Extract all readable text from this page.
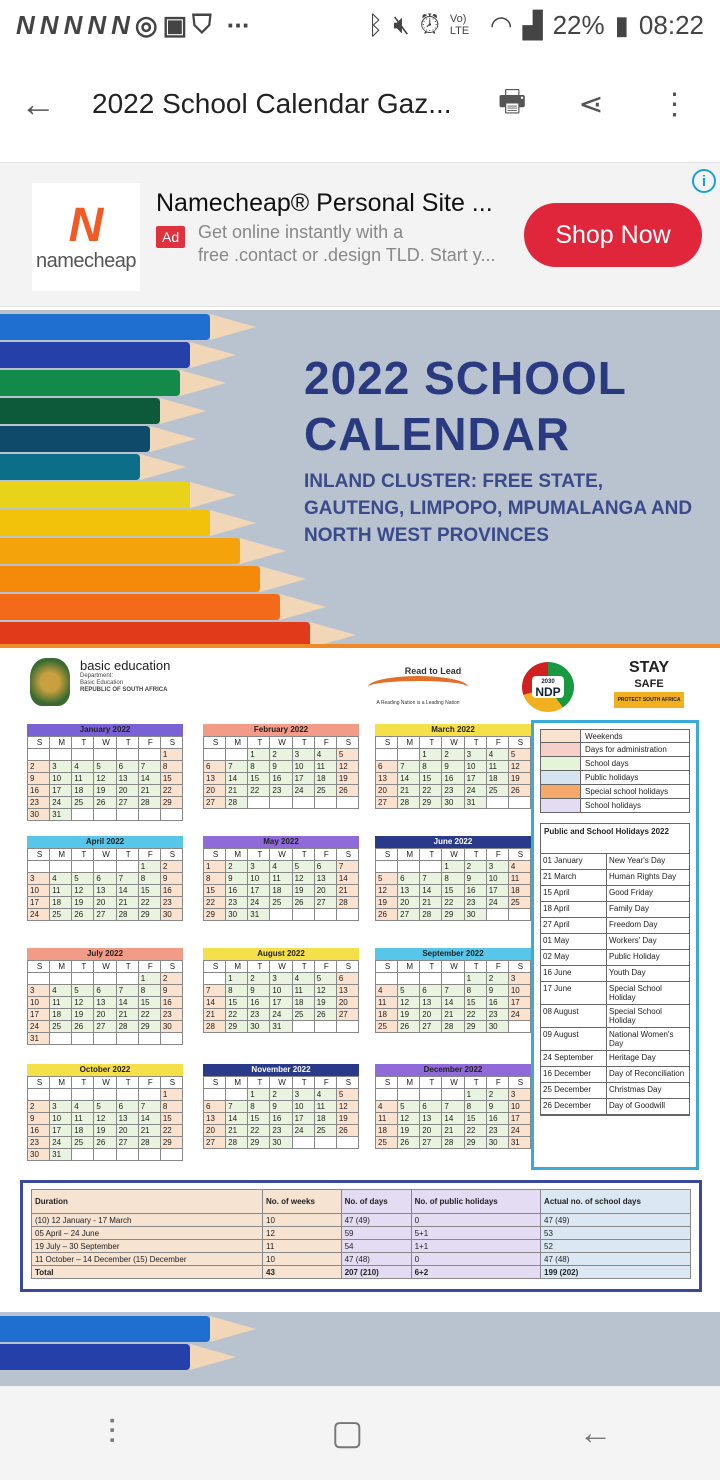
N N N N N ◎ ▣ ⛉ ···	ᛒ 🔇︎ ⏰︎ Vo) LTE ◠ ▟ 22% ▮ 08:22
← 2022 School Calendar Gaz...	🖶︎ ⋖ ⋮
N
namecheap
Namecheap® Personal Site ...
Ad	Get online instantly with a
free .contact or .design TLD. Start y...
Shop Now
i
2022 SCHOOL
CALENDAR
INLAND CLUSTER: FREE STATE, GAUTENG, LIMPOPO, MPUMALANGA AND NORTH WEST PROVINCES
basic education
Department:
Basic Education
REPUBLIC OF SOUTH AFRICA
Read to Lead
A Reading Nation is a Leading Nation
2030
NDP
STAY
SAFE
PROTECT SOUTH AFRICA
January 2022
S	M	T	W	T	F	S
						1
2	3	4	5	6	7	8
9	10	11	12	13	14	15
16	17	18	19	20	21	22
23	24	25	26	27	28	29
30	31					
February 2022
S	M	T	W	T	F	S
		1	2	3	4	5
6	7	8	9	10	11	12
13	14	15	16	17	18	19
20	21	22	23	24	25	26
27	28					
March 2022
S	M	T	W	T	F	S
		1	2	3	4	5
6	7	8	9	10	11	12
13	14	15	16	17	18	19
20	21	22	23	24	25	26
27	28	29	30	31		
April 2022
S	M	T	W	T	F	S
					1	2
3	4	5	6	7	8	9
10	11	12	13	14	15	16
17	18	19	20	21	22	23
24	25	26	27	28	29	30
May 2022
S	M	T	W	T	F	S
1	2	3	4	5	6	7
8	9	10	11	12	13	14
15	16	17	18	19	20	21
22	23	24	25	26	27	28
29	30	31				
June 2022
S	M	T	W	T	F	S
			1	2	3	4
5	6	7	8	9	10	11
12	13	14	15	16	17	18
19	20	21	22	23	24	25
26	27	28	29	30		
July 2022
S	M	T	W	T	F	S
					1	2
3	4	5	6	7	8	9
10	11	12	13	14	15	16
17	18	19	20	21	22	23
24	25	26	27	28	29	30
31						
August 2022
S	M	T	W	T	F	S
	1	2	3	4	5	6
7	8	9	10	11	12	13
14	15	16	17	18	19	20
21	22	23	24	25	26	27
28	29	30	31			
September 2022
S	M	T	W	T	F	S
				1	2	3
4	5	6	7	8	9	10
11	12	13	14	15	16	17
18	19	20	21	22	23	24
25	26	27	28	29	30	
October 2022
S	M	T	W	T	F	S
						1
2	3	4	5	6	7	8
9	10	11	12	13	14	15
16	17	18	19	20	21	22
23	24	25	26	27	28	29
30	31					
November 2022
S	M	T	W	T	F	S
		1	2	3	4	5
6	7	8	9	10	11	12
13	14	15	16	17	18	19
20	21	22	23	24	25	26
27	28	29	30			
December 2022
S	M	T	W	T	F	S
				1	2	3
4	5	6	7	8	9	10
11	12	13	14	15	16	17
18	19	20	21	22	23	24
25	26	27	28	29	30	31
Weekends
Days for administration
School days
Public holidays
Special school holidays
School holidays
Public and School Holidays 2022
01 January	New Year's Day
21 March	Human Rights Day
15 April	Good Friday
18 April	Family Day
27 April	Freedom Day
01 May	Workers' Day
02 May	Public Holiday
16 June	Youth Day
17 June	Special School Holiday
08 August	Special School Holiday
09 August	National Women's Day
24 September	Heritage Day
16 December	Day of Reconciliation
25 December	Christmas Day
26 December	Day of Goodwill
Duration	No. of weeks	No. of days	No. of public holidays	Actual no. of school days
(10) 12 January - 17 March	10	47 (49)	0	47 (49)
05 April – 24 June	12	59	5+1	53
19 July – 30 September	11	54	1+1	52
11 October – 14 December (15) December	10	47 (48)	0	47 (48)
Total	43	207 (210)	6+2	199 (202)
⫶	▢	←
